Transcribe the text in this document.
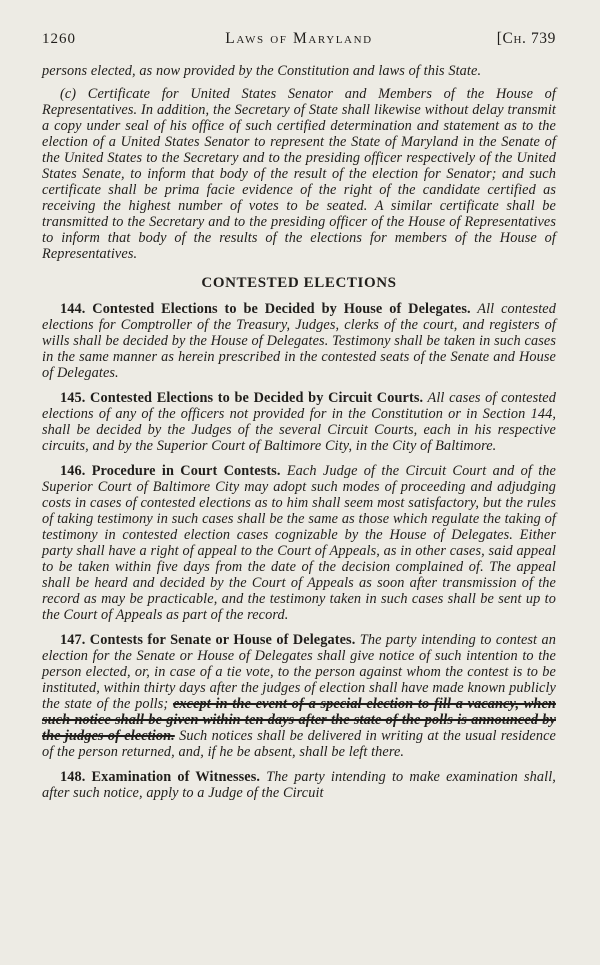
1260	Laws of Maryland	[Ch. 739

persons elected, as now provided by the Constitution and laws of this State.

(c) Certificate for United States Senator and Members of the House of Representatives. In addition, the Secretary of State shall likewise without delay transmit a copy under seal of his office of such certified determination and statement as to the election of a United States Senator to represent the State of Maryland in the Senate of the United States to the Secretary and to the presiding officer respectively of the United States Senate, to inform that body of the result of the election for Senator; and such certificate shall be prima facie evidence of the right of the candidate certified as receiving the highest number of votes to be seated. A similar certificate shall be transmitted to the Secretary and to the presiding officer of the House of Representatives to inform that body of the results of the elections for members of the House of Representatives.

CONTESTED ELECTIONS

144. Contested Elections to be Decided by House of Delegates. All contested elections for Comptroller of the Treasury, Judges, clerks of the court, and registers of wills shall be decided by the House of Delegates. Testimony shall be taken in such cases in the same manner as herein prescribed in the contested seats of the Senate and House of Delegates.

145. Contested Elections to be Decided by Circuit Courts. All cases of contested elections of any of the officers not provided for in the Constitution or in Section 144, shall be decided by the Judges of the several Circuit Courts, each in his respective circuits, and by the Superior Court of Baltimore City, in the City of Baltimore.

146. Procedure in Court Contests. Each Judge of the Circuit Court and of the Superior Court of Baltimore City may adopt such modes of proceeding and adjudging costs in cases of contested elections as to him shall seem most satisfactory, but the rules of taking testimony in such cases shall be the same as those which regulate the taking of testimony in contested election cases cognizable by the House of Delegates. Either party shall have a right of appeal to the Court of Appeals, as in other cases, said appeal to be taken within five days from the date of the decision complained of. The appeal shall be heard and decided by the Court of Appeals as soon after transmission of the record as may be practicable, and the testimony taken in such cases shall be sent up to the Court of Appeals as part of the record.

147. Contests for Senate or House of Delegates. The party intending to contest an election for the Senate or House of Delegates shall give notice of such intention to the person elected, or, in case of a tie vote, to the person against whom the contest is to be instituted, within thirty days after the judges of election shall have made known publicly the state of the polls; except in the event of a special election to fill a vacancy, when such notice shall be given within ten days after the state of the polls is announced by the judges of election. Such notices shall be delivered in writing at the usual residence of the person returned, and, if he be absent, shall be left there.

148. Examination of Witnesses. The party intending to make examination shall, after such notice, apply to a Judge of the Circuit
